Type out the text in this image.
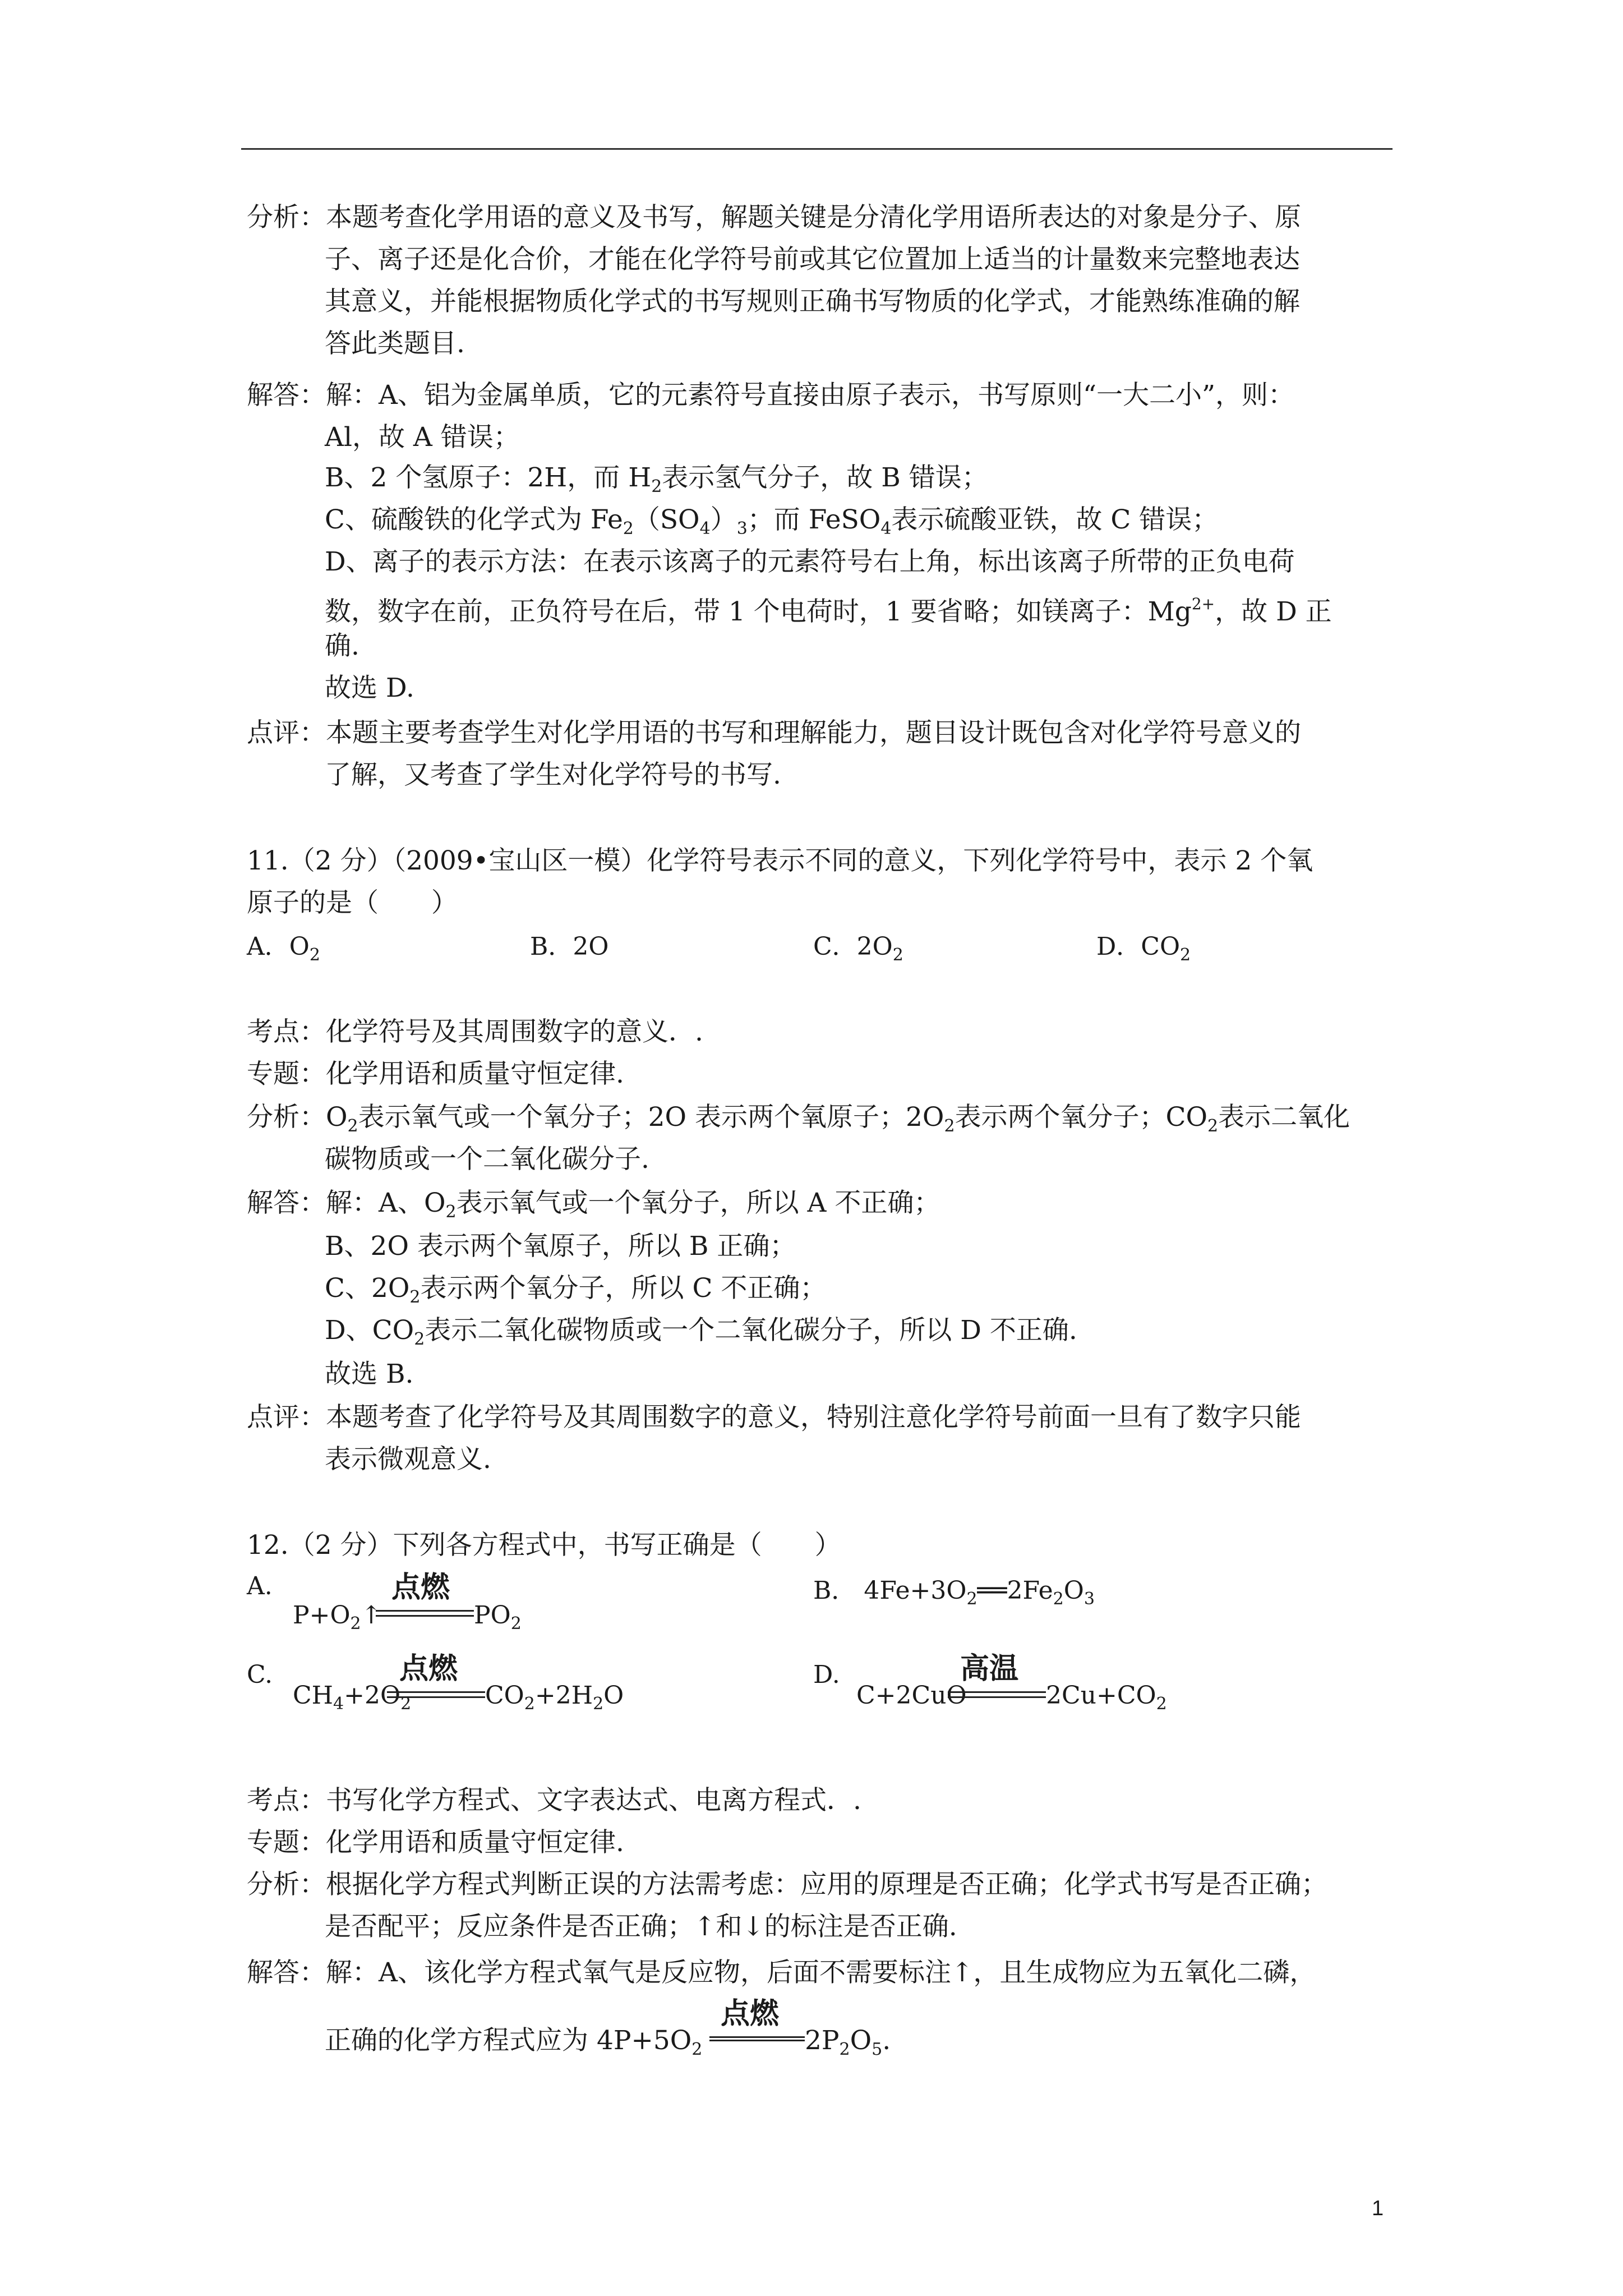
分析：本题考查化学用语的意义及书写，解题关键是分清化学用语所表达的对象是分子、原
子、离子还是化合价，才能在化学符号前或其它位置加上适当的计量数来完整地表达
其意义，并能根据物质化学式的书写规则正确书写物质的化学式，才能熟练准确的解
答此类题目.
解答：解：A、铝为金属单质，它的元素符号直接由原子表示，书写原则“一大二小”，则：
Al，故 A 错误；
B、2 个氢原子：2H，而 $H_2$表示氢气分子，故 B 错误；
C、硫酸铁的化学式为 $Fe_2(SO_4)_3$；而 FeSO$_4$表示硫酸亚铁，故 C 错误；
D、离子的表示方法：在表示该离子的元素符号右上角，标出该离子所带的正负电荷
数，数字在前，正负符号在后，带 1 个电荷时，1 要省略；如镁离子：$Mg^{2+}$，故 D 正
确.
故选 D.
点评：本题主要考查学生对化学用语的书写和理解能力，题目设计既包含对化学符号意义的
了解，又考查了学生对化学符号的书写.
11.（2 分）（2009•宝山区一模）化学符号表示不同的意义，下列化学符号中，表示 2 个氧
原子的是（　　）
A．$O_2$	B．2O	C．$2O_2$	D．$CO_2$
考点：化学符号及其周围数字的意义．.
专题：化学用语和质量守恒定律.
分析：$O_2$表示氧气或一个氧分子；2O 表示两个氧原子；$2O_2$表示两个氧分子；$CO_2$表示二氧化
碳物质或一个二氧化碳分子.
解答：解：A、$O_2$表示氧气或一个氧分子，所以 A 不正确；
B、2O 表示两个氧原子，所以 B 正确；
C、$2O_2$表示两个氧分子，所以 C 不正确；
D、$CO_2$表示二氧化碳物质或一个二氧化碳分子，所以 D 不正确.
故选 B.
点评：本题考查了化学符号及其周围数字的意义，特别注意化学符号前面一旦有了数字只能
表示微观意义.
12.（2 分）下列各方程式中，书写正确是（　　）
A.
$P+O_2↑$
点燃
$PO_2$
B． $4Fe+3O_2══2Fe_2O_3$
C.
$CH_4+2O_2$
点燃
$CO_2+2H_2O$
D.
C+2CuO
高温
$2Cu+CO_2$
考点：书写化学方程式、文字表达式、电离方程式．.
专题：化学用语和质量守恒定律.
分析：根据化学方程式判断正误的方法需考虑：应用的原理是否正确；化学式书写是否正确；
是否配平；反应条件是否正确；↑和↓的标注是否正确.
解答：解：A、该化学方程式氧气是反应物，后面不需要标注↑，且生成物应为五氧化二磷，
正确的化学方程式应为 $4P+5O_2$
点燃
$2P_2O_5$.
1
